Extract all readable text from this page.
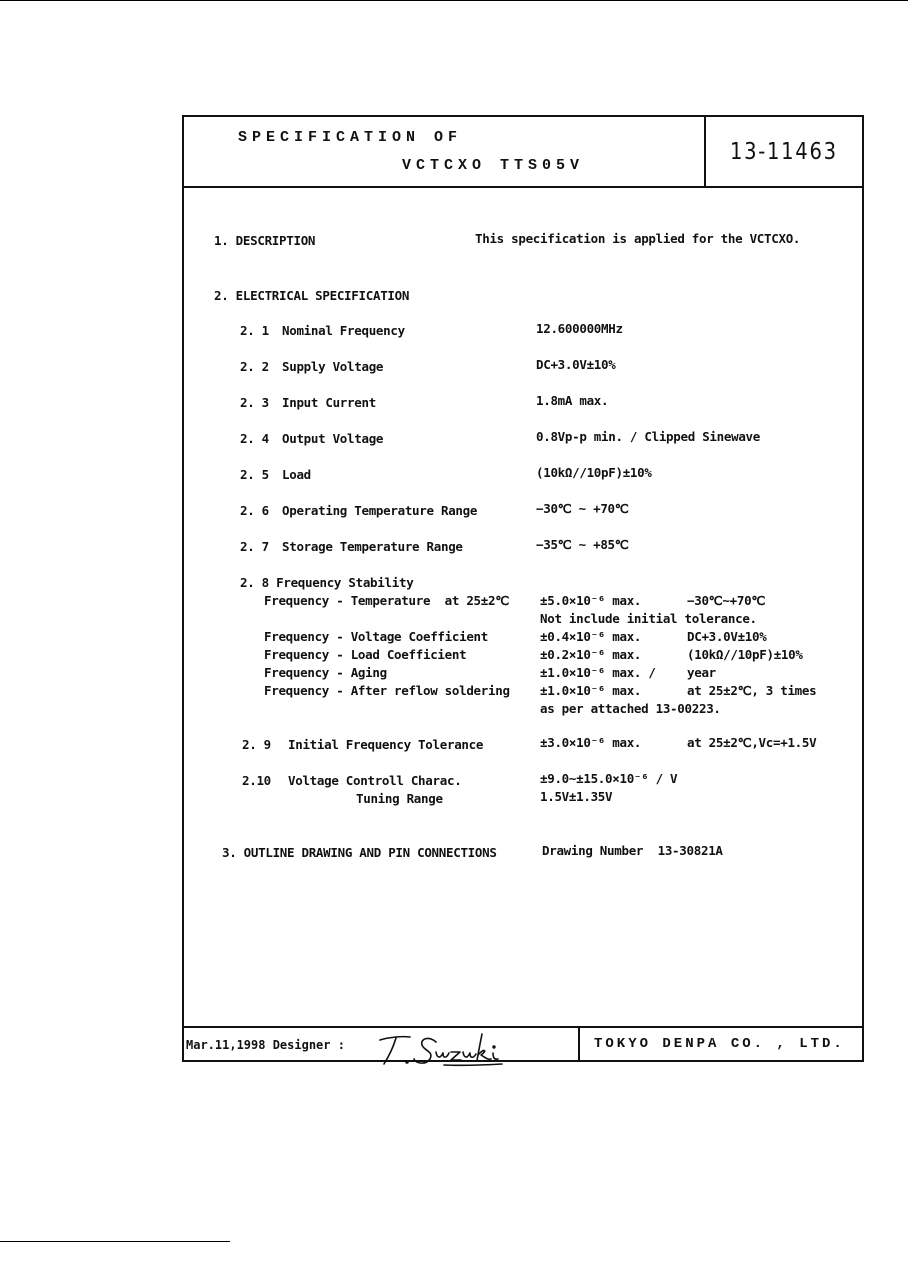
SPECIFICATION OF
VCTCXO TTS05V
13-11463
1. DESCRIPTION	This specification is applied for the VCTCXO.
2. ELECTRICAL SPECIFICATION
2. 1 Nominal Frequency	12.600000MHz
2. 2 Supply Voltage	DC+3.0V±10%
2. 3 Input Current	1.8mA max.
2. 4 Output Voltage	0.8Vp-p min. / Clipped Sinewave
2. 5 Load	(10kΩ//10pF)±10%
2. 6 Operating Temperature Range	−30℃ ~ +70℃
2. 7 Storage Temperature Range	−35℃ ~ +85℃
2. 8 Frequency Stability
Frequency - Temperature  at 25±2℃ ±5.0×10⁻⁶ max.	−30℃~+70℃
Not include initial tolerance.
Frequency - Voltage Coefficient	±0.4×10⁻⁶ max.	DC+3.0V±10%
Frequency - Load Coefficient	±0.2×10⁻⁶ max.	(10kΩ//10pF)±10%
Frequency - Aging	±1.0×10⁻⁶ max. /	year
Frequency - After reflow soldering ±1.0×10⁻⁶ max.	at 25±2℃, 3 times
as per attached 13-00223.
2. 9 Initial Frequency Tolerance	±3.0×10⁻⁶ max.	at 25±2℃,Vc=+1.5V
2.10 Voltage Controll Charac.	±9.0~±15.0×10⁻⁶ / V
Tuning Range	1.5V±1.35V
3. OUTLINE DRAWING AND PIN CONNECTIONS	Drawing Number  13-30821A
Mar.11,1998 Designer :	TOKYO DENPA CO. , LTD.
